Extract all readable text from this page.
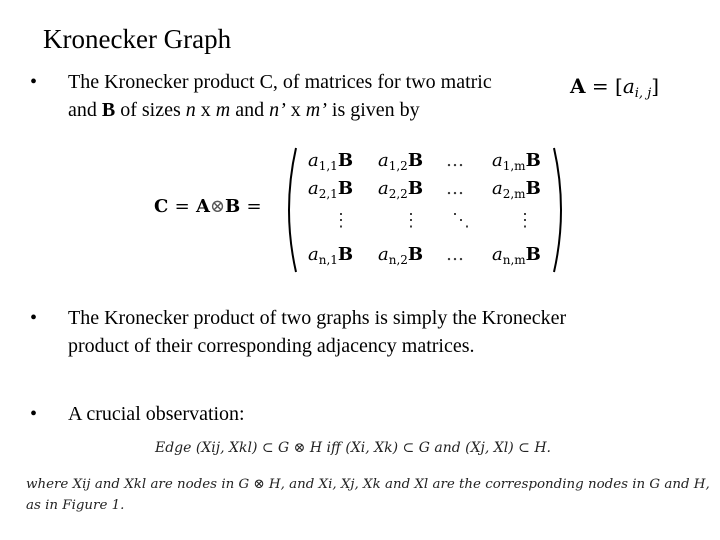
Kronecker Graph
•	The Kronecker product C, of matrices for two matric
and B of sizes n x m and n’ x m’ is given by
$A = [a_{i, j}]$
C = A⊗B =
$a_{1,1}B$ $a_{1,2}B$ … $a_{1,m}B$
$a_{2,1}B$ $a_{2,2}B$ … $a_{2,m}B$
⋮	⋮ ⋱	⋮
$a_{n,1}B$ $a_{n,2}B$ … $a_{n,m}B$
•	The Kronecker product of two graphs is simply the Kronecker
product of their corresponding adjacency matrices.
•	A crucial observation:
Edge (Xij, Xkl) ⊂ G ⊗ H iff (Xi, Xk) ⊂ G and (Xj, Xl) ⊂ H.
where Xij and Xkl are nodes in G ⊗ H, and Xi, Xj, Xk and Xl are the corresponding nodes in G and H, as in Figure 1.
